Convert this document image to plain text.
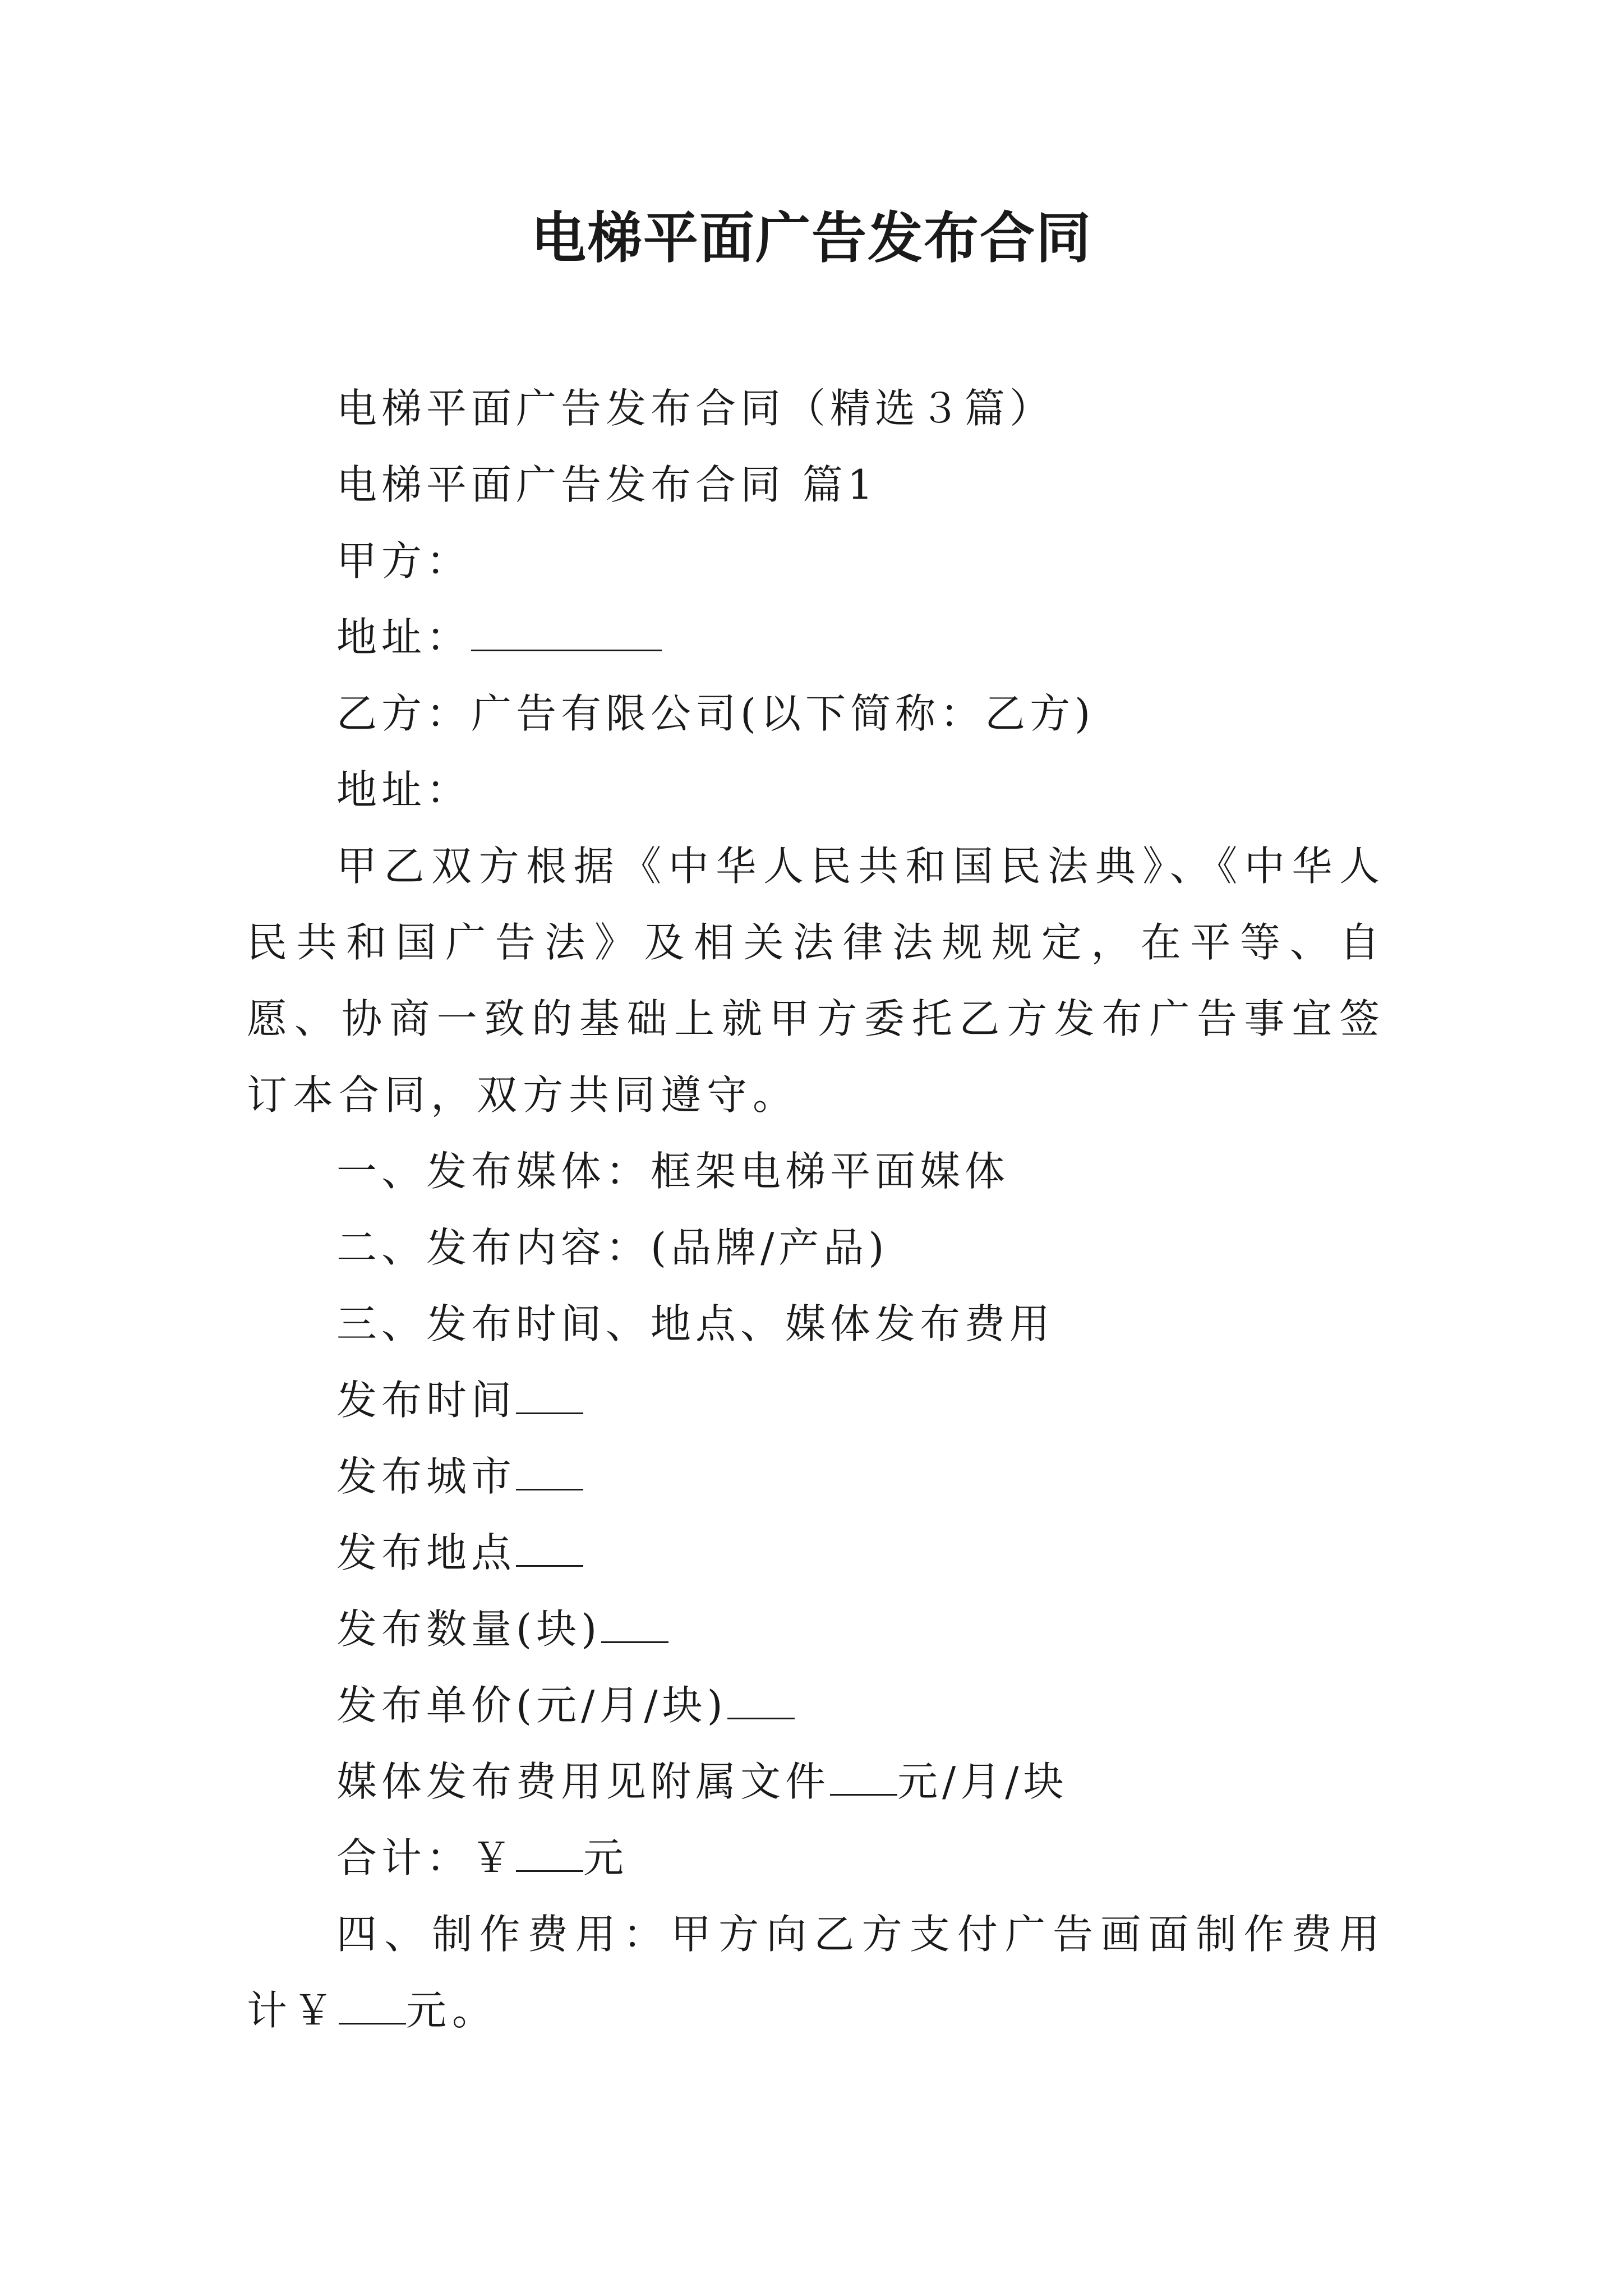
电梯平面广告发布合同
电梯平面广告发布合同（精选３篇）
电梯平面广告发布合同 篇1
甲方：
地址：
乙方：广告有限公司(以下简称：乙方)
地址：

甲乙双方根据《中华人民共和国民法典》、《中华人民共和国广告法》及相关法律法规规定，在平等、自愿、协商一致的基础上就甲方委托乙方发布广告事宜签订本合同，双方共同遵守。

一、发布媒体：框架电梯平面媒体
二、发布内容：(品牌/产品)
三、发布时间、地点、媒体发布费用
发布时间
发布城市
发布地点
发布数量(块)
发布单价(元/月/块)
媒体发布费用见附属文件 元/月/块
合计：￥ 元

四、制作费用：甲方向乙方支付广告画面制作费用计￥ 元。
